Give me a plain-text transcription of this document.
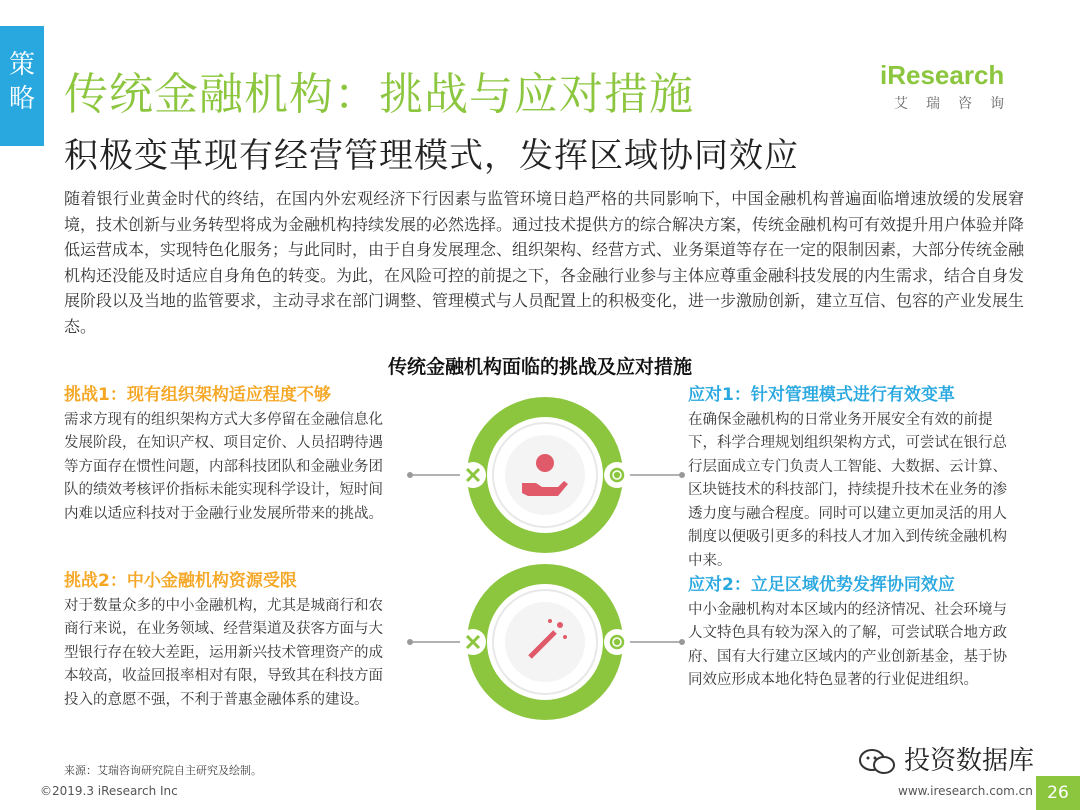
策
略 传统金融机构：挑战与应对措施
积极变革现有经营管理模式，发挥区域协同效应
iResearch
艾瑞咨询
随着银行业黄金时代的终结，在国内外宏观经济下行因素与监管环境日趋严格的共同影响下，中国金融机构普遍面临增速放缓的发展窘境，技术创新与业务转型将成为金融机构持续发展的必然选择。通过技术提供方的综合解决方案，传统金融机构可有效提升用户体验并降低运营成本，实现特色化服务；与此同时，由于自身发展理念、组织架构、经营方式、业务渠道等存在一定的限制因素，大部分传统金融机构还没能及时适应自身角色的转变。为此，在风险可控的前提之下，各金融行业参与主体应尊重金融科技发展的内生需求，结合自身发展阶段以及当地的监管要求，主动寻求在部门调整、管理模式与人员配置上的积极变化，进一步激励创新，建立互信、包容的产业发展生态。
传统金融机构面临的挑战及应对措施
挑战1：现有组织架构适应程度不够
需求方现有的组织架构方式大多停留在金融信息化发展阶段，在知识产权、项目定价、人员招聘待遇等方面存在惯性问题，内部科技团队和金融业务团队的绩效考核评价指标未能实现科学设计，短时间内难以适应科技对于金融行业发展所带来的挑战。
挑战2：中小金融机构资源受限
对于数量众多的中小金融机构，尤其是城商行和农商行来说，在业务领域、经营渠道及获客方面与大型银行存在较大差距，运用新兴技术管理资产的成本较高，收益回报率相对有限，导致其在科技方面投入的意愿不强，不利于普惠金融体系的建设。
应对1：针对管理模式进行有效变革
在确保金融机构的日常业务开展安全有效的前提下，科学合理规划组织架构方式，可尝试在银行总行层面成立专门负责人工智能、大数据、云计算、区块链技术的科技部门，持续提升技术在业务的渗透力度与融合程度。同时可以建立更加灵活的用人制度以便吸引更多的科技人才加入到传统金融机构中来。
应对2：立足区域优势发挥协同效应
中小金融机构对本区域内的经济情况、社会环境与人文特色具有较为深入的了解，可尝试联合地方政府、国有大行建立区域内的产业创新基金，基于协同效应形成本地化特色显著的行业促进组织。
来源：艾瑞咨询研究院自主研究及绘制。
©2019.3 iResearch Inc	www.iresearch.com.cn 26
投资数据库
